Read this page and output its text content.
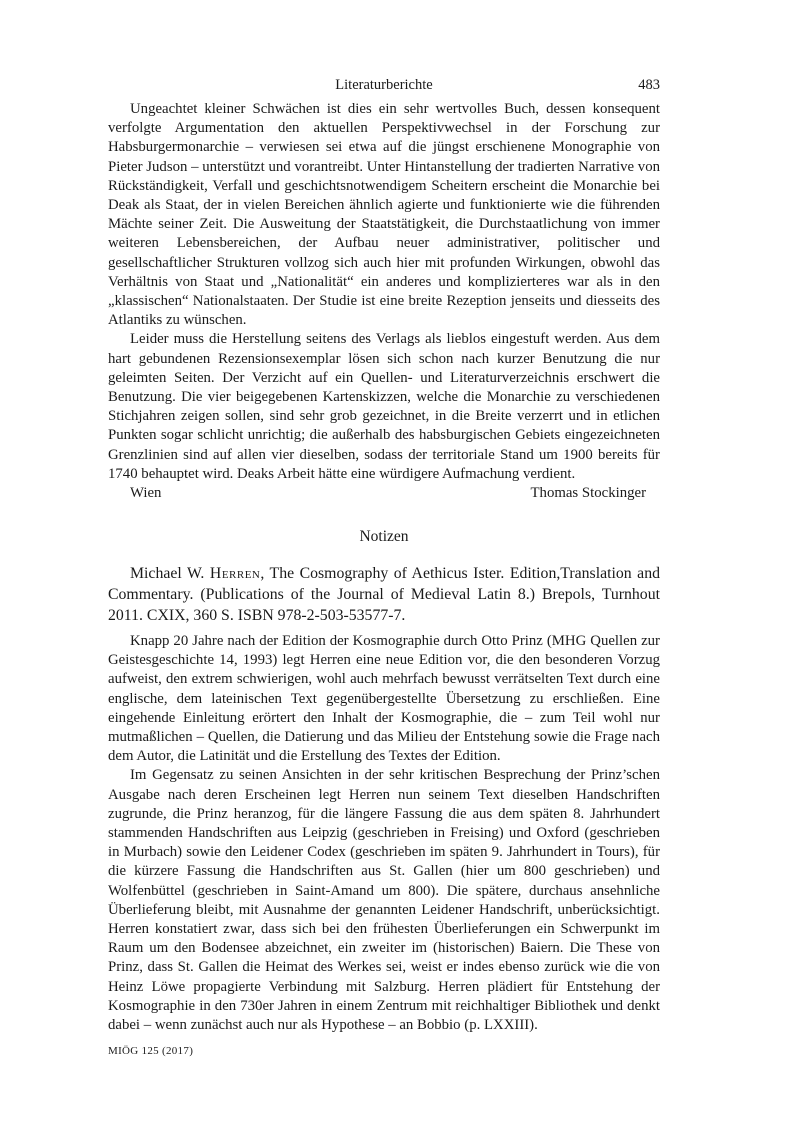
Literaturberichte	483

Ungeachtet kleiner Schwächen ist dies ein sehr wertvolles Buch, dessen konsequent verfolgte Argumentation den aktuellen Perspektivwechsel in der Forschung zur Habsburgermonarchie – verwiesen sei etwa auf die jüngst erschienene Monographie von Pieter Judson – unterstützt und vorantreibt. Unter Hintanstellung der tradierten Narrative von Rückständigkeit, Verfall und geschichtsnotwendigem Scheitern erscheint die Monarchie bei Deak als Staat, der in vielen Bereichen ähnlich agierte und funktionierte wie die führenden Mächte seiner Zeit. Die Ausweitung der Staatstätigkeit, die Durchstaatlichung von immer weiteren Lebensbereichen, der Aufbau neuer administrativer, politischer und gesellschaftlicher Strukturen vollzog sich auch hier mit profunden Wirkungen, obwohl das Verhältnis von Staat und „Nationalität“ ein anderes und komplizierteres war als in den „klassischen“ Nationalstaaten. Der Studie ist eine breite Rezeption jenseits und diesseits des Atlantiks zu wünschen.

Leider muss die Herstellung seitens des Verlags als lieblos eingestuft werden. Aus dem hart gebundenen Rezensionsexemplar lösen sich schon nach kurzer Benutzung die nur geleimten Seiten. Der Verzicht auf ein Quellen- und Literaturverzeichnis erschwert die Benutzung. Die vier beigegebenen Kartenskizzen, welche die Monarchie zu verschiedenen Stichjahren zeigen sollen, sind sehr grob gezeichnet, in die Breite verzerrt und in etlichen Punkten sogar schlicht unrichtig; die außerhalb des habsburgischen Gebiets eingezeichneten Grenzlinien sind auf allen vier dieselben, sodass der territoriale Stand um 1900 bereits für 1740 behauptet wird. Deaks Arbeit hätte eine würdigere Aufmachung verdient.

Wien	Thomas Stockinger
Notizen

Michael W. Herren, The Cosmography of Aethicus Ister. Edition,Translation and Commentary. (Publications of the Journal of Medieval Latin 8.) Brepols, Turnhout 2011. CXIX, 360 S. ISBN 978-2-503-53577-7.

Knapp 20 Jahre nach der Edition der Kosmographie durch Otto Prinz (MHG Quellen zur Geistesgeschichte 14, 1993) legt Herren eine neue Edition vor, die den besonderen Vorzug aufweist, den extrem schwierigen, wohl auch mehrfach bewusst verrätselten Text durch eine englische, dem lateinischen Text gegenübergestellte Übersetzung zu erschließen. Eine eingehende Einleitung erörtert den Inhalt der Kosmographie, die – zum Teil wohl nur mutmaßlichen – Quellen, die Datierung und das Milieu der Entstehung sowie die Frage nach dem Autor, die Latinität und die Erstellung des Textes der Edition.

Im Gegensatz zu seinen Ansichten in der sehr kritischen Besprechung der Prinz’schen Ausgabe nach deren Erscheinen legt Herren nun seinem Text dieselben Handschriften zugrunde, die Prinz heranzog, für die längere Fassung die aus dem späten 8. Jahrhundert stammenden Handschriften aus Leipzig (geschrieben in Freising) und Oxford (geschrieben in Murbach) sowie den Leidener Codex (geschrieben im späten 9. Jahrhundert in Tours), für die kürzere Fassung die Handschriften aus St. Gallen (hier um 800 geschrieben) und Wolfenbüttel (geschrieben in Saint-Amand um 800). Die spätere, durchaus ansehnliche Überlieferung bleibt, mit Ausnahme der genannten Leidener Handschrift, unberücksichtigt. Herren konstatiert zwar, dass sich bei den frühesten Überlieferungen ein Schwerpunkt im Raum um den Bodensee abzeichnet, ein zweiter im (historischen) Baiern. Die These von Prinz, dass St. Gallen die Heimat des Werkes sei, weist er indes ebenso zurück wie die von Heinz Löwe propagierte Verbindung mit Salzburg. Herren plädiert für Entstehung der Kosmographie in den 730er Jahren in einem Zentrum mit reichhaltiger Bibliothek und denkt dabei – wenn zunächst auch nur als Hypothese – an Bobbio (p. LXXIII).

MIÖG 125 (2017)
